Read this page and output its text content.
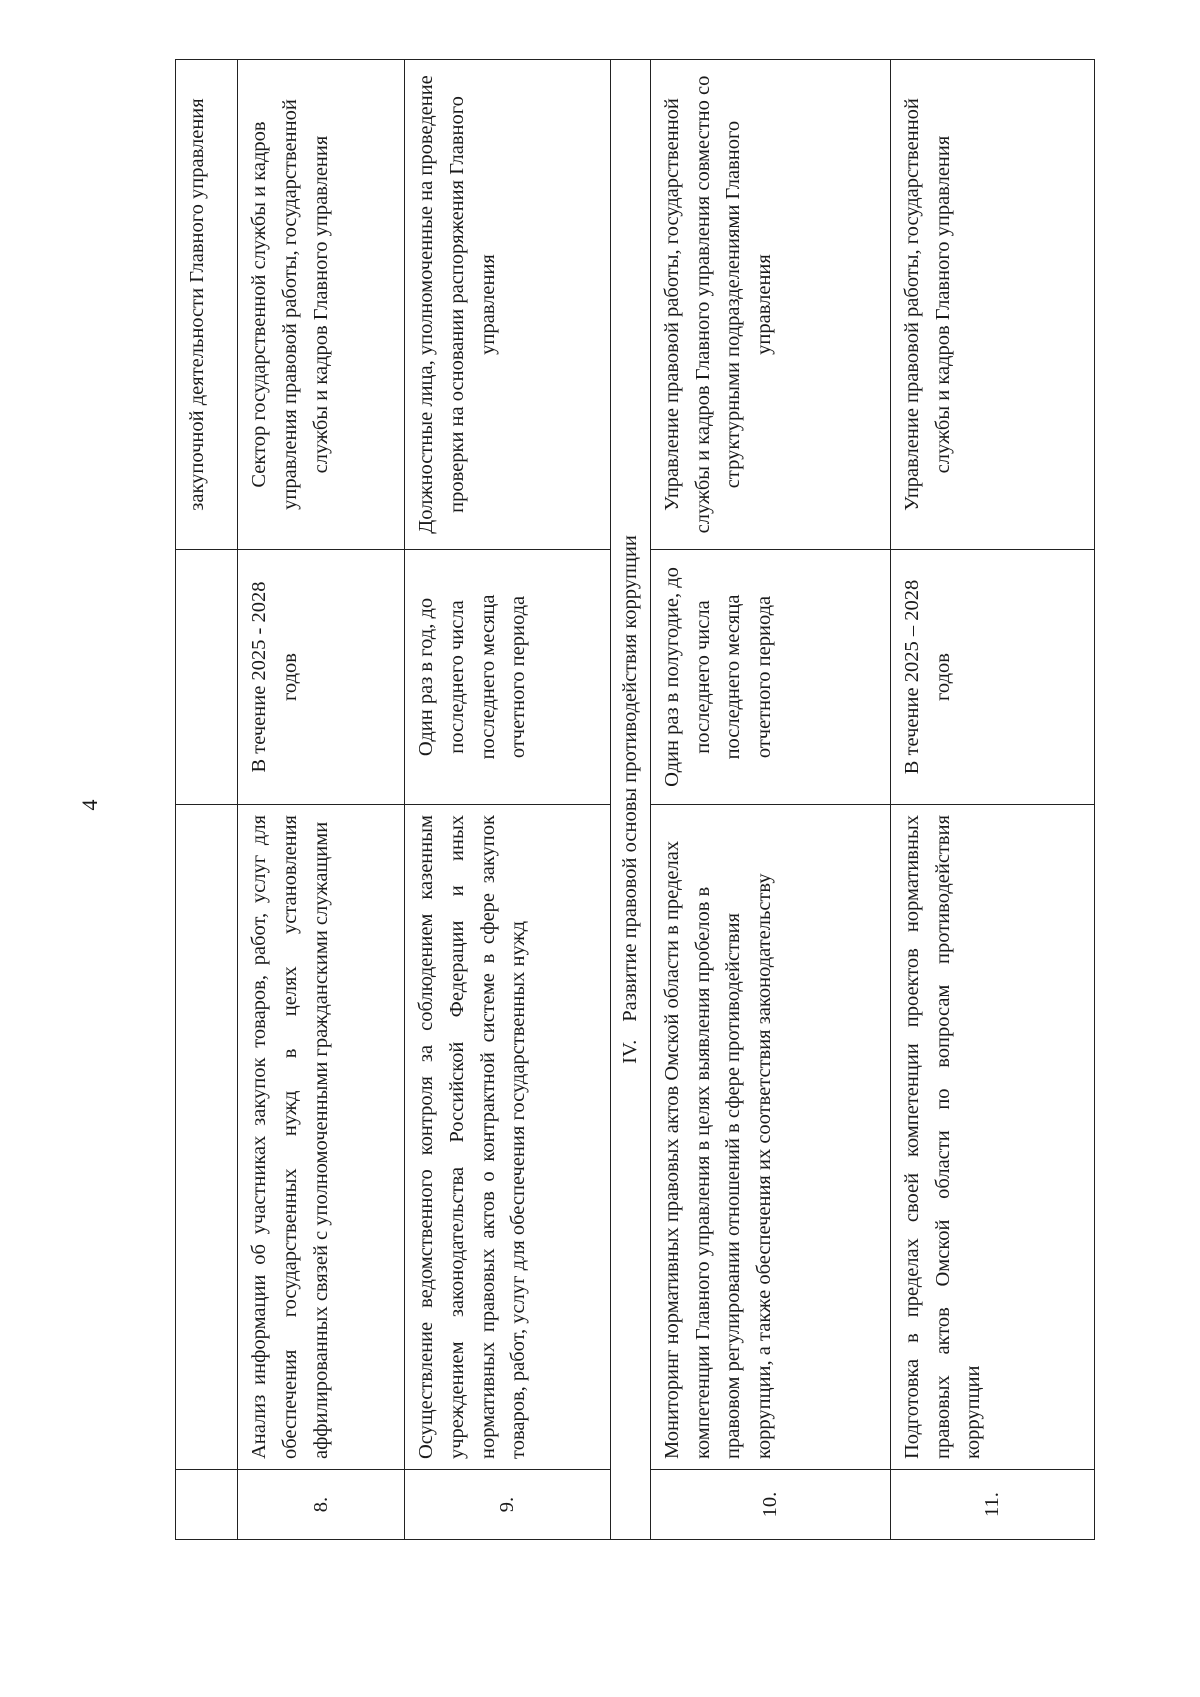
4
			закупочной деятельности Главного управления
8.	Анализ информации об участниках закупок товаров, работ, услуг для обеспечения государственных нужд в целях установления аффилированных связей с уполномоченными гражданскими служащими	В течение 2025 - 2028 годов	Сектор государственной службы и кадров управления правовой работы, государственной службы и кадров Главного управления
9.	Осуществление ведомственного контроля за соблюдением казенным учреждением законодательства Российской Федерации и иных нормативных правовых актов о контрактной системе в сфере закупок товаров, работ, услуг для обеспечения государственных нужд	Один раз в год, до последнего числа последнего месяца отчетного периода	Должностные лица, уполномоченные на проведение проверки на основании распоряжения Главного управления
IV.Развитие правовой основы противодействия коррупции			
10.	Мониторинг нормативных правовых актов Омской области в пределах компетенции Главного управления в целях выявления пробелов в правовом регулировании отношений в сфере противодействия коррупции, а также обеспечения их соответствия законодательству	Один раз в полугодие, до последнего числа последнего месяца отчетного периода	Управление правовой работы, государственной службы и кадров Главного управления совместно со структурными подразделениями Главного управления
11.	Подготовка в пределах своей компетенции проектов нормативных правовых актов Омской области по вопросам противодействия коррупции	В течение 2025 – 2028 годов	Управление правовой работы, государственной службы и кадров Главного управления
